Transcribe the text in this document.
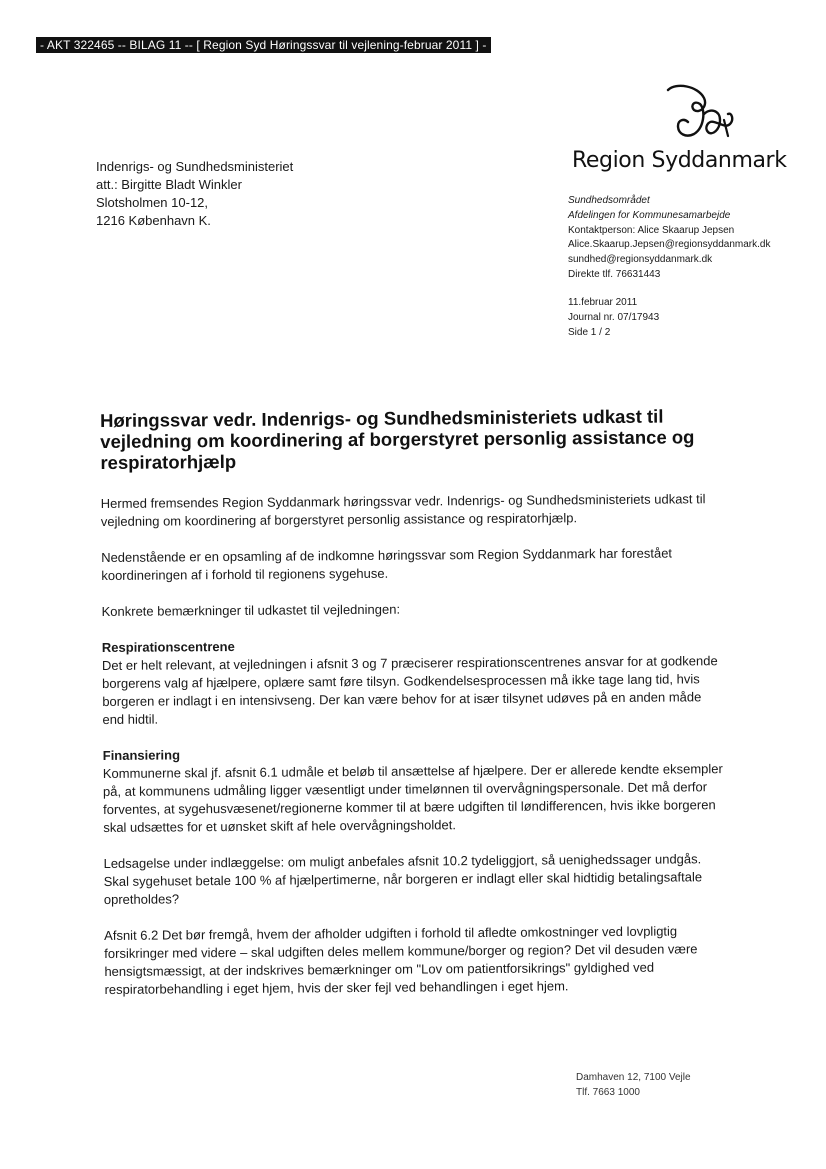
- AKT 322465 -- BILAG 11 -- [ Region Syd Høringssvar til vejlening-februar 2011 ] -
Region Syddanmark
Indenrigs- og Sundhedsministeriet
att.: Birgitte Bladt Winkler
Slotsholmen 10-12,
1216 København K.
Sundhedsområdet
Afdelingen for Kommunesamarbejde
Kontaktperson: Alice Skaarup Jepsen
Alice.Skaarup.Jepsen@regionsyddanmark.dk
sundhed@regionsyddanmark.dk
Direkte tlf. 76631443
11.februar 2011
Journal nr. 07/17943
Side 1 / 2
Høringssvar vedr. Indenrigs- og Sundhedsministeriets udkast til vejledning om koordinering af borgerstyret personlig assistance og respiratorhjælp

Hermed fremsendes Region Syddanmark høringssvar vedr. Indenrigs- og Sundhedsministeriets udkast til vejledning om koordinering af borgerstyret personlig assistance og respiratorhjælp.

Nedenstående er en opsamling af de indkomne høringssvar som Region Syddanmark har forestået koordineringen af i forhold til regionens sygehuse.

Konkrete bemærkninger til udkastet til vejledningen:

Respirationscentrene

Det er helt relevant, at vejledningen i afsnit 3 og 7 præciserer respirationscentrenes ansvar for at godkende borgerens valg af hjælpere, oplære samt føre tilsyn. Godkendelsesprocessen må ikke tage lang tid, hvis borgeren er indlagt i en intensivseng. Der kan være behov for at især tilsynet udøves på en anden måde end hidtil.

Finansiering

Kommunerne skal jf. afsnit 6.1 udmåle et beløb til ansættelse af hjælpere. Der er allerede kendte eksempler på, at kommunens udmåling ligger væsentligt under timelønnen til overvågningspersonale. Det må derfor forventes, at sygehusvæsenet/regionerne kommer til at bære udgiften til løndifferencen, hvis ikke borgeren skal udsættes for et uønsket skift af hele overvågningsholdet.

Ledsagelse under indlæggelse: om muligt anbefales afsnit 10.2 tydeliggjort, så uenighedssager undgås. Skal sygehuset betale 100 % af hjælpertimerne, når borgeren er indlagt eller skal hidtidig betalingsaftale opretholdes?

Afsnit 6.2 Det bør fremgå, hvem der afholder udgiften i forhold til afledte omkostninger ved lovpligtig forsikringer med videre – skal udgiften deles mellem kommune/borger og region? Det vil desuden være hensigtsmæssigt, at der indskrives bemærkninger om "Lov om patientforsikrings" gyldighed ved respiratorbehandling i eget hjem, hvis der sker fejl ved behandlingen i eget hjem.

Damhaven 12, 7100 Vejle
Tlf. 7663 1000
